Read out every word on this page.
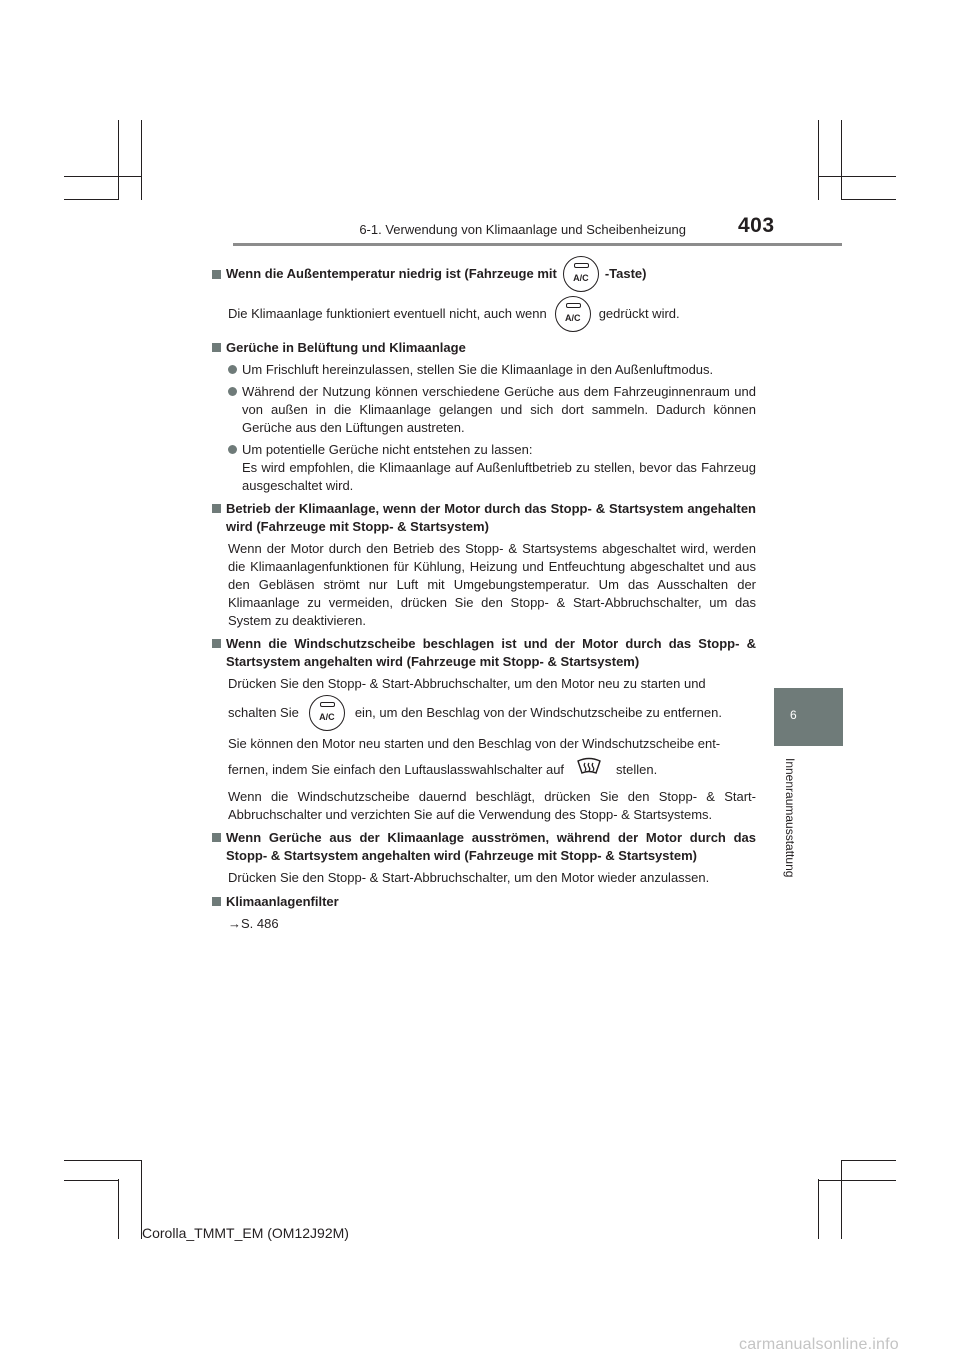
6-1. Verwendung von Klimaanlage und Scheibenheizung 403
6
Innenraumausstattung
Wenn die Außentemperatur niedrig ist (Fahrzeuge mit	A/C	-Taste)
Die Klimaanlage funktioniert eventuell nicht, auch wenn	A/C	gedrückt wird.
Gerüche in Belüftung und Klimaanlage
Um Frischluft hereinzulassen, stellen Sie die Klimaanlage in den Außenluftmodus.
Während der Nutzung können verschiedene Gerüche aus dem Fahrzeuginnenraum und von außen in die Klimaanlage gelangen und sich dort sammeln. Dadurch können Gerüche aus den Lüftungen austreten.
Um potentielle Gerüche nicht entstehen zu lassen:
Es wird empfohlen, die Klimaanlage auf Außenluftbetrieb zu stellen, bevor das Fahrzeug ausgeschaltet wird.
Betrieb der Klimaanlage, wenn der Motor durch das Stopp- & Startsystem angehalten wird (Fahrzeuge mit Stopp- & Startsystem)
Wenn der Motor durch den Betrieb des Stopp- & Startsystems abgeschaltet wird, werden die Klimaanlagenfunktionen für Kühlung, Heizung und Entfeuchtung abgeschaltet und aus den Gebläsen strömt nur Luft mit Umgebungstemperatur. Um das Ausschalten der Klimaanlage zu vermeiden, drücken Sie den Stopp- & Start-Abbruchschalter, um das System zu deaktivieren.
Wenn die Windschutzscheibe beschlagen ist und der Motor durch das Stopp- & Startsystem angehalten wird (Fahrzeuge mit Stopp- & Startsystem)
Drücken Sie den Stopp- & Start-Abbruchschalter, um den Motor neu zu starten und
schalten Sie	A/C	ein, um den Beschlag von der Windschutzscheibe zu entfernen.
Sie können den Motor neu starten und den Beschlag von der Windschutzscheibe ent-
fernen, indem Sie einfach den Luftauslasswahlschalter auf	stellen.
Wenn die Windschutzscheibe dauernd beschlägt, drücken Sie den Stopp- & Start-Abbruchschalter und verzichten Sie auf die Verwendung des Stopp- & Startsystems.
Wenn Gerüche aus der Klimaanlage ausströmen, während der Motor durch das Stopp- & Startsystem angehalten wird (Fahrzeuge mit Stopp- & Startsystem)
Drücken Sie den Stopp- & Start-Abbruchschalter, um den Motor wieder anzulassen.
Klimaanlagenfilter
→S. 486
Corolla_TMMT_EM (OM12J92M)
carmanualsonline.info
